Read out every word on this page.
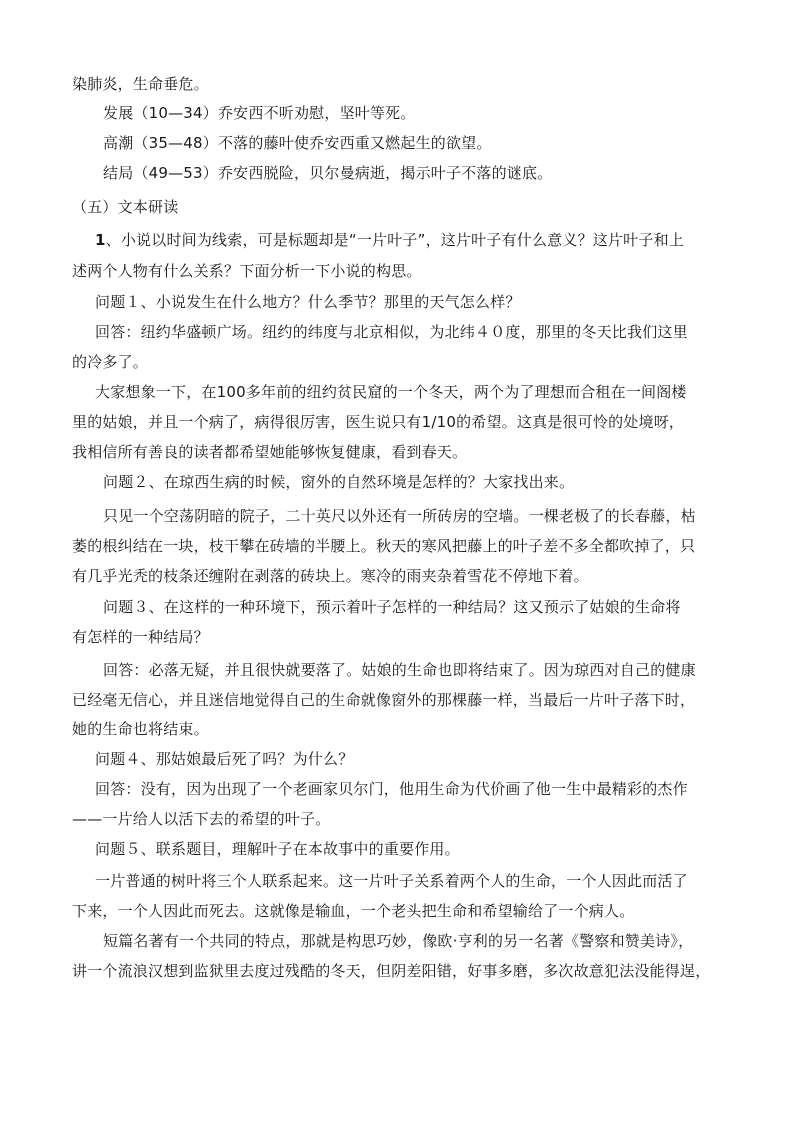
染肺炎，生命垂危。
发展（10—34）乔安西不听劝慰，坚叶等死。
高潮（35—48）不落的藤叶使乔安西重又燃起生的欲望。
结局（49—53）乔安西脱险，贝尔曼病逝，揭示叶子不落的谜底。
（五）文本研读
1、小说以时间为线索，可是标题却是“一片叶子”，这片叶子有什么意义？这片叶子和上
述两个人物有什么关系？下面分析一下小说的构思。
问题１、小说发生在什么地方？什么季节？那里的天气怎么样？
回答：纽约华盛顿广场。纽约的纬度与北京相似，为北纬４０度，那里的冬天比我们这里
的冷多了。
大家想象一下，在100多年前的纽约贫民窟的一个冬天，两个为了理想而合租在一间阁楼
里的姑娘，并且一个病了，病得很厉害，医生说只有1/10的希望。这真是很可怜的处境呀，
我相信所有善良的读者都希望她能够恢复健康，看到春天。
问题２、在琼西生病的时候，窗外的自然环境是怎样的？大家找出来。
只见一个空荡阴暗的院子，二十英尺以外还有一所砖房的空墙。一棵老极了的长春藤，枯
萎的根纠结在一块，枝干攀在砖墙的半腰上。秋天的寒风把藤上的叶子差不多全都吹掉了，只
有几乎光秃的枝条还缠附在剥落的砖块上。寒冷的雨夹杂着雪花不停地下着。
问题３、在这样的一种环境下，预示着叶子怎样的一种结局？这又预示了姑娘的生命将
有怎样的一种结局？
回答：必落无疑，并且很快就要落了。姑娘的生命也即将结束了。因为琼西对自己的健康
已经毫无信心，并且迷信地觉得自己的生命就像窗外的那棵藤一样，当最后一片叶子落下时，
她的生命也将结束。
问题４、那姑娘最后死了吗？为什么？
回答：没有，因为出现了一个老画家贝尔门，他用生命为代价画了他一生中最精彩的杰作
——一片给人以活下去的希望的叶子。
问题５、联系题目，理解叶子在本故事中的重要作用。
一片普通的树叶将三个人联系起来。这一片叶子关系着两个人的生命，一个人因此而活了
下来，一个人因此而死去。这就像是输血，一个老头把生命和希望输给了一个病人。
短篇名著有一个共同的特点，那就是构思巧妙，像欧·亨利的另一名著《警察和赞美诗》，
讲一个流浪汉想到监狱里去度过残酷的冬天，但阴差阳错，好事多磨，多次故意犯法没能得逞，
